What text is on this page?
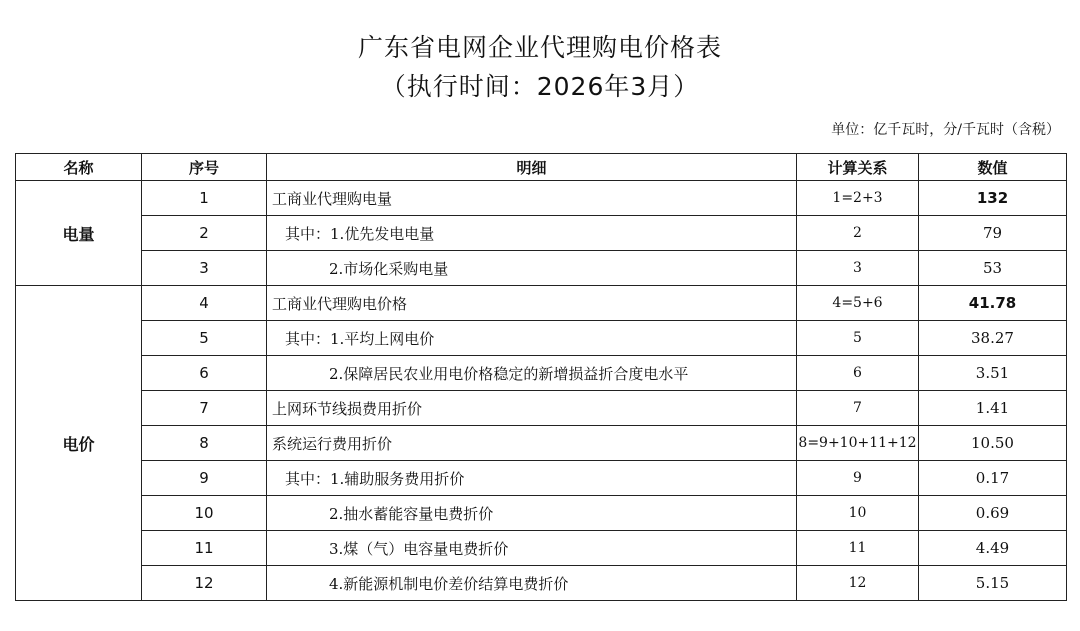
广东省电网企业代理购电价格表
（执行时间：2026年3月）
单位：亿千瓦时，分/千瓦时（含税）
名称	序号	明细	计算关系	数值
电量	1	工商业代理购电量	1=2+3	132
	2	其中：1.优先发电电量	2	79
	3	2.市场化采购电量	3	53
电价	4	工商业代理购电价格	4=5+6	41.78
	5	其中：1.平均上网电价	5	38.27
	6	2.保障居民农业用电价格稳定的新增损益折合度电水平	6	3.51
	7	上网环节线损费用折价	7	1.41
	8	系统运行费用折价	8=9+10+11+12	10.50
	9	其中：1.辅助服务费用折价	9	0.17
	10	2.抽水蓄能容量电费折价	10	0.69
	11	3.煤（气）电容量电费折价	11	4.49
	12	4.新能源机制电价差价结算电费折价	12	5.15
